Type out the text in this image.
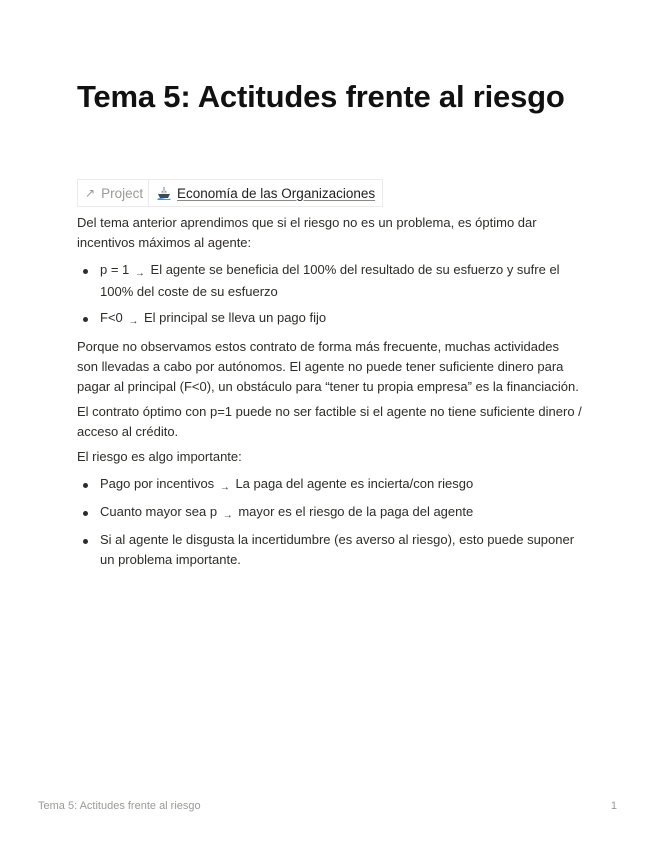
Tema 5: Actitudes frente al riesgo
↗ Project	Economía de las Organizaciones

Del tema anterior aprendimos que si el riesgo no es un problema, es óptimo dar incentivos máximos al agente:

p = 1 → El agente se beneficia del 100% del resultado de su esfuerzo y sufre el 100% del coste de su esfuerzo
F<0 → El principal se lleva un pago fijo

Porque no observamos estos contrato de forma más frecuente, muchas actividades son llevadas a cabo por autónomos. El agente no puede tener suficiente dinero para pagar al principal (F<0), un obstáculo para “tener tu propia empresa” es la financiación.

El contrato óptimo con p=1 puede no ser factible si el agente no tiene suficiente dinero / acceso al crédito.

El riesgo es algo importante:

Pago por incentivos → La paga del agente es incierta/con riesgo
Cuanto mayor sea p → mayor es el riesgo de la paga del agente
Si al agente le disgusta la incertidumbre (es averso al riesgo), esto puede suponer un problema importante.
Tema 5: Actitudes frente al riesgo	1
